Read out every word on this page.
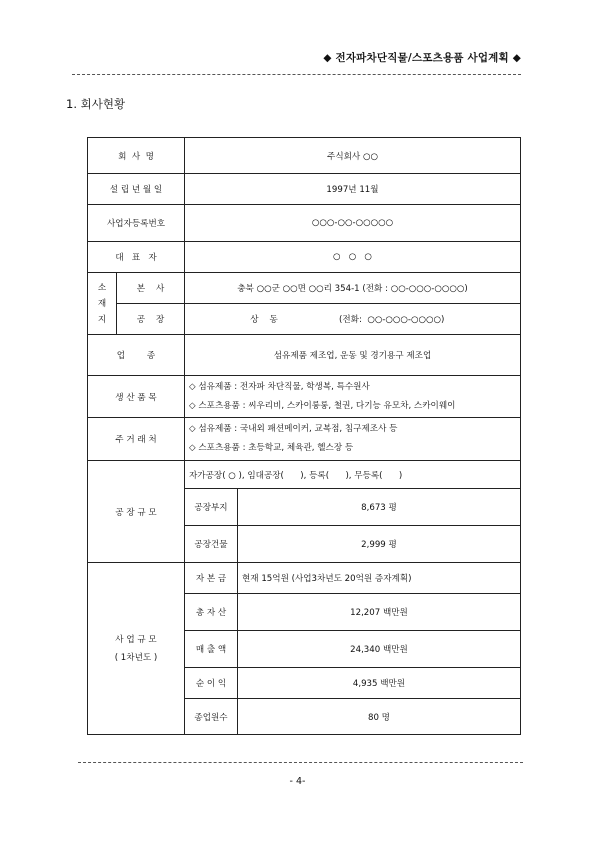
◆ 전자파차단직물/스포츠용품 사업계획 ◆
1. 회사현황
회  사  명		주식회사 ○○	
설 립 년 월 일		1997년 11월	
사업자등록번호		○○○-○○-○○○○○	
대   표   자		○   ○   ○	
소
재
지	본    사	충북 ○○군 ○○면 ○○리 354-1 (전화 : ○○-○○○-○○○○)	
	공    장	상    동 (전화:  ○○-○○○-○○○○)	
업        종		섬유제품 제조업, 운동 및 경기용구 제조업	
생 산 품 목		◇ 섬유제품 : 전자파 차단직물, 학생복, 특수원사
◇ 스포츠용품 : 씨우리비, 스카이룽룽, 철권, 다기능 유모차, 스카이웨이	

주 거 래 처		◇ 섬유제품 : 국내외 패션메이커, 교복점, 침구제조사 등
◇ 스포츠용품 : 초등학교, 체육관, 헬스장 등	

공 장 규 모		자가공장( ○ ), 임대공장(      ), 등록(      ), 무등록(      )	
		공장부지	8,673 평
		공장건물	2,999 평

사 업 규 모
( 1차년도 )		자 본 금	현재 15억원 (사업3차년도 20억원 증자계획)
		총 자 산	12,207 백만원
		매 출 액	24,340 백만원
		순 이 익	4,935 백만원
		종업원수	80 명
- 4-
